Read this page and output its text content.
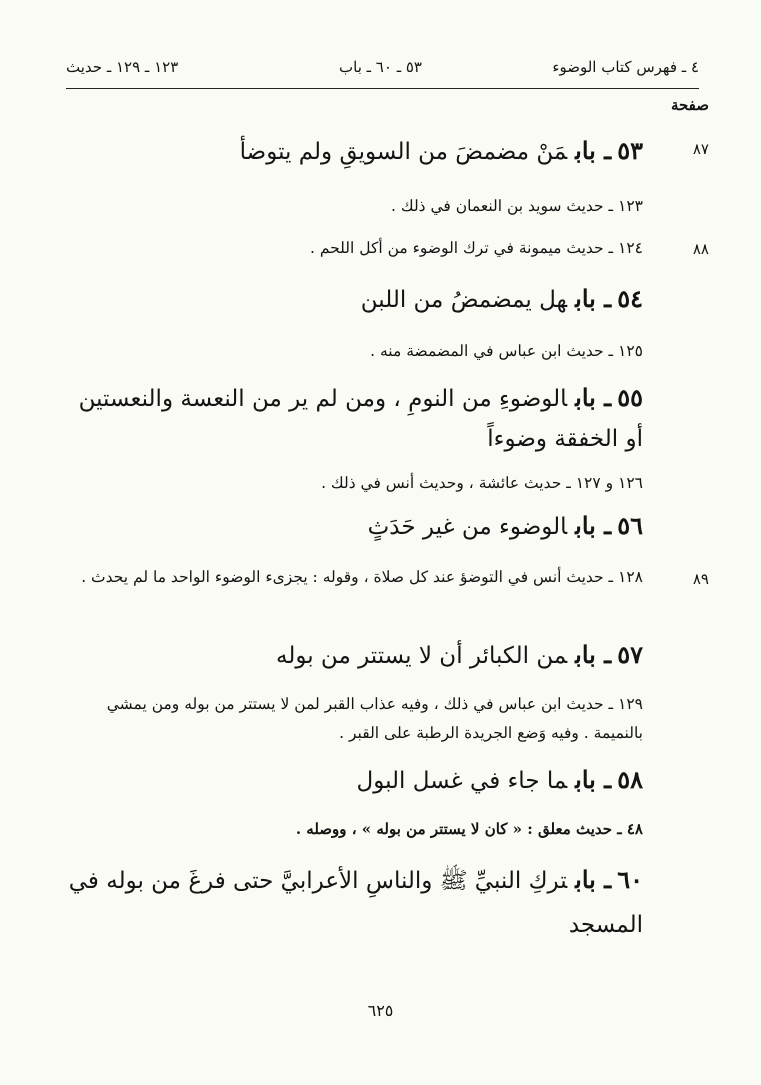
٤ ـ فهرس كتاب الوضوء
٥٣ ـ ٦٠ ـ باب
١٢٣ ـ ١٢٩ ـ حديث
صفحة
٨٧
٥٣ـ بابمَنْ مضمضَ من السويقِ ولم يتوضأ
١٢٣ ـ حديث سويد بن النعمان في ذلك .
٨٨
١٢٤ ـ حديث ميمونة في ترك الوضوء من أكل اللحم .
٥٤ـ بابهل يمضمضُ من اللبن
١٢٥ ـ حديث ابن عباس في المضمضة منه .
٥٥ـ بابالوضوءِ من النومِ ، ومن لم ير من النعسة والنعستين أو الخفقة وضوءاً
١٢٦ و ١٢٧ ـ حديث عائشة ، وحديث أنس في ذلك .
٥٦ـ بابالوضوء من غير حَدَثٍ
٨٩
١٢٨ ـ حديث أنس في التوضؤ عند كل صلاة ، وقوله : يجزىء الوضوء الواحد ما لم يحدث .
٥٧ـ بابمن الكبائر أن لا يستتر من بوله
١٢٩ ـ حديث ابن عباس في ذلك ، وفيه عذاب القبر لمن لا يستتر من بوله ومن يمشي بالنميمة . وفيه وَضع الجريدة الرطبة على القبر .
٥٨ـ بابما جاء في غسل البول
٤٨ ـ حديث معلق : « كان لا يستتر من بوله » ، ووصله .
٦٠ـ بابتركِ النبيِّ ﷺ والناسِ الأعرابيَّ حتى فرغَ من بوله في المسجد
٦٢٥
